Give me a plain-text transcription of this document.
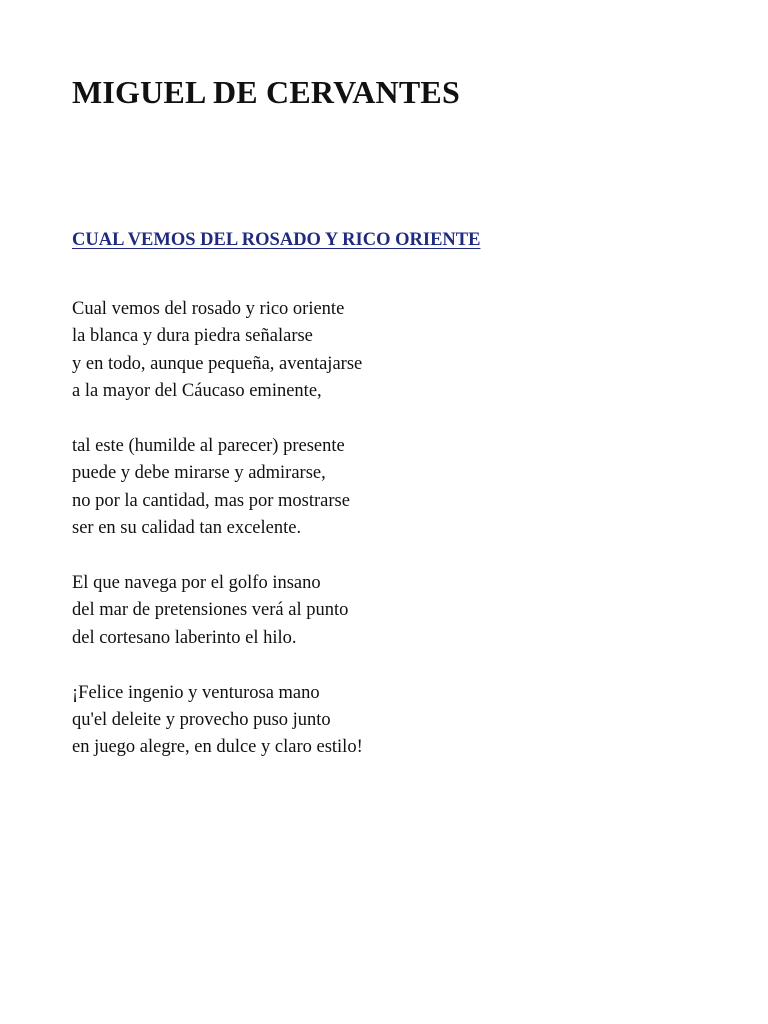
MIGUEL DE CERVANTES
CUAL VEMOS DEL ROSADO Y RICO ORIENTE

Cual vemos del rosado y rico oriente
la blanca y dura piedra señalarse
y en todo, aunque pequeña, aventajarse
a la mayor del Cáucaso eminente,

tal este (humilde al parecer) presente
puede y debe mirarse y admirarse,
no por la cantidad, mas por mostrarse
ser en su calidad tan excelente.

El que navega por el golfo insano
del mar de pretensiones verá al punto
del cortesano laberinto el hilo.

¡Felice ingenio y venturosa mano
qu'el deleite y provecho puso junto
en juego alegre, en dulce y claro estilo!
